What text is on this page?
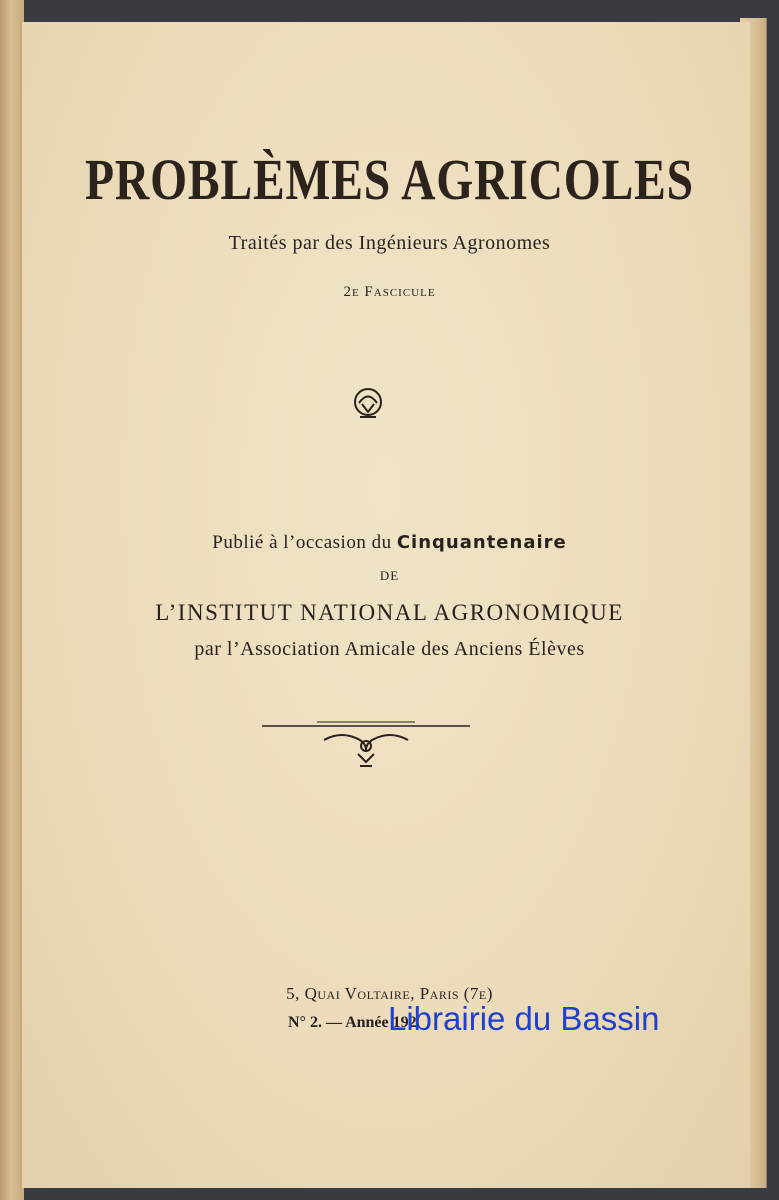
PROBLÈMES AGRICOLES
Traités par des Ingénieurs Agronomes
2e Fascicule
Publié à l’occasion du Cinquantenaire
DE
L’INSTITUT NATIONAL AGRONOMIQUE
par l’Association Amicale des Anciens Élèves
5, Quai Voltaire, Paris (7e)
N° 2. — Année 192
Librairie du Bassin
